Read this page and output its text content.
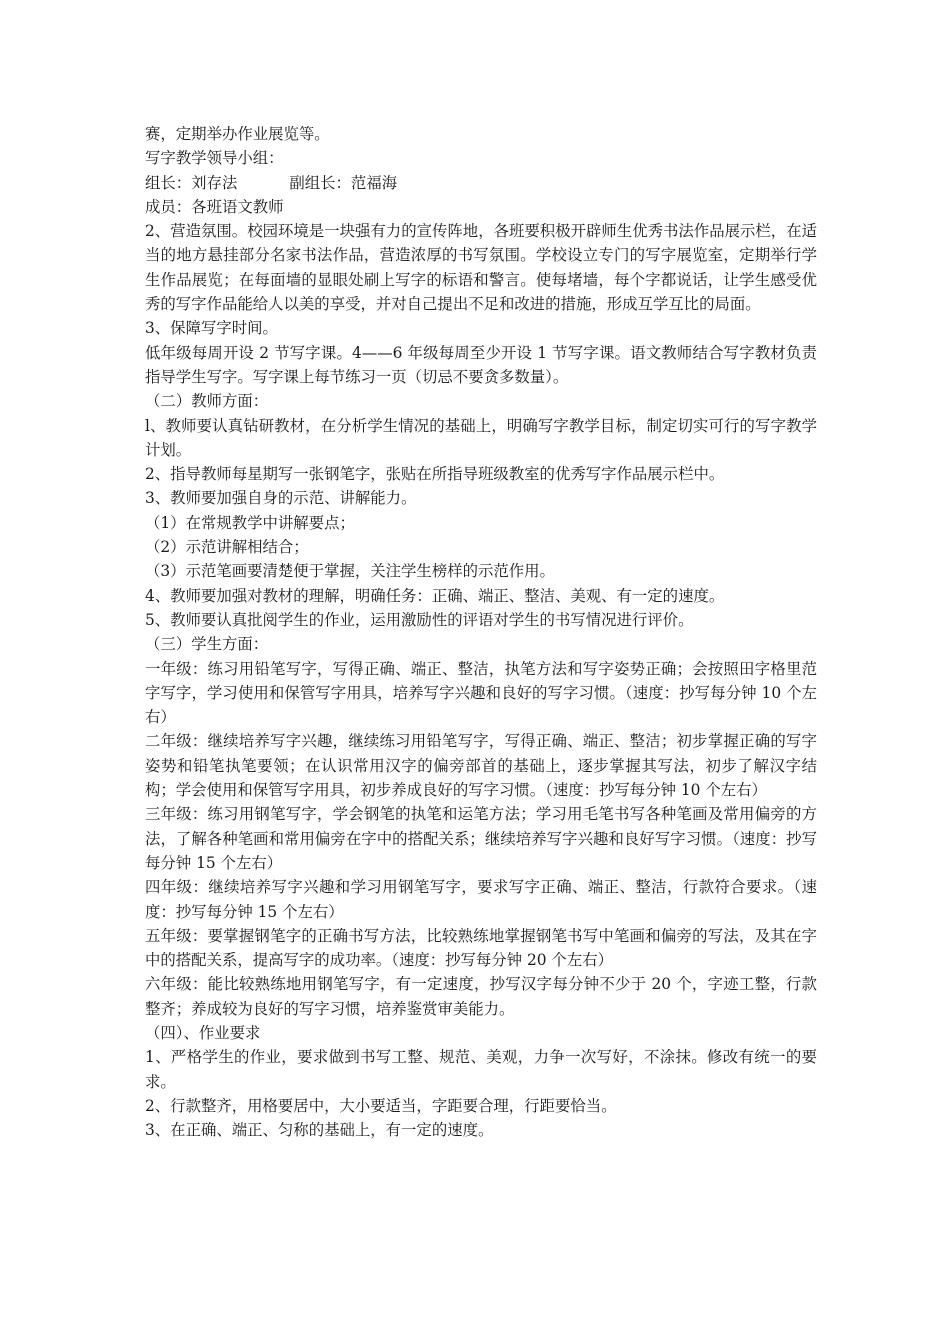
赛，定期举办作业展览等。

写字教学领导小组：

组长：刘存法	副组长：范福海

成员：各班语文教师

2、营造氛围。校园环境是一块强有力的宣传阵地，各班要积极开辟师生优秀书法作品展示栏，在适当的地方悬挂部分名家书法作品，营造浓厚的书写氛围。学校设立专门的写字展览室，定期举行学生作品展览；在每面墙的显眼处刷上写字的标语和警言。使每堵墙，每个字都说话，让学生感受优秀的写字作品能给人以美的享受，并对自己提出不足和改进的措施，形成互学互比的局面。

3、保障写字时间。

低年级每周开设 2 节写字课。4——6 年级每周至少开设 1 节写字课。语文教师结合写字教材负责指导学生写字。写字课上每节练习一页（切忌不要贪多数量）。

（二）教师方面：

l、教师要认真钻研教材，在分析学生情况的基础上，明确写字教学目标，制定切实可行的写字教学计划。

2、指导教师每星期写一张钢笔字，张贴在所指导班级教室的优秀写字作品展示栏中。

3、教师要加强自身的示范、讲解能力。

（1）在常规教学中讲解要点；

（2）示范讲解相结合；

（3）示范笔画要清楚便于掌握，关注学生榜样的示范作用。

4、教师要加强对教材的理解，明确任务：正确、端正、整洁、美观、有一定的速度。

5、教师要认真批阅学生的作业，运用激励性的评语对学生的书写情况进行评价。

（三）学生方面：

一年级：练习用铅笔写字，写得正确、端正、整洁，执笔方法和写字姿势正确；会按照田字格里范字写字，学习使用和保管写字用具，培养写字兴趣和良好的写字习惯。（速度：抄写每分钟 10 个左右）

二年级：继续培养写字兴趣，继续练习用铅笔写字，写得正确、端正、整洁；初步掌握正确的写字姿势和铅笔执笔要领；在认识常用汉字的偏旁部首的基础上，逐步掌握其写法，初步了解汉字结构；学会使用和保管写字用具，初步养成良好的写字习惯。（速度：抄写每分钟 10 个左右）

三年级：练习用钢笔写字，学会钢笔的执笔和运笔方法；学习用毛笔书写各种笔画及常用偏旁的方法，了解各种笔画和常用偏旁在字中的搭配关系；继续培养写字兴趣和良好写字习惯。（速度：抄写每分钟 15 个左右）

四年级：继续培养写字兴趣和学习用钢笔写字，要求写字正确、端正、整洁，行款符合要求。（速度：抄写每分钟 15 个左右）

五年级：要掌握钢笔字的正确书写方法，比较熟练地掌握钢笔书写中笔画和偏旁的写法，及其在字中的搭配关系，提高写字的成功率。（速度：抄写每分钟 20 个左右）

六年级：能比较熟练地用钢笔写字，有一定速度，抄写汉字每分钟不少于 20 个，字迹工整，行款整齐；养成较为良好的写字习惯，培养鉴赏审美能力。

（四）、作业要求

1、严格学生的作业，要求做到书写工整、规范、美观，力争一次写好，不涂抹。修改有统一的要求。

2、行款整齐，用格要居中，大小要适当，字距要合理，行距要恰当。

3、在正确、端正、匀称的基础上，有一定的速度。
